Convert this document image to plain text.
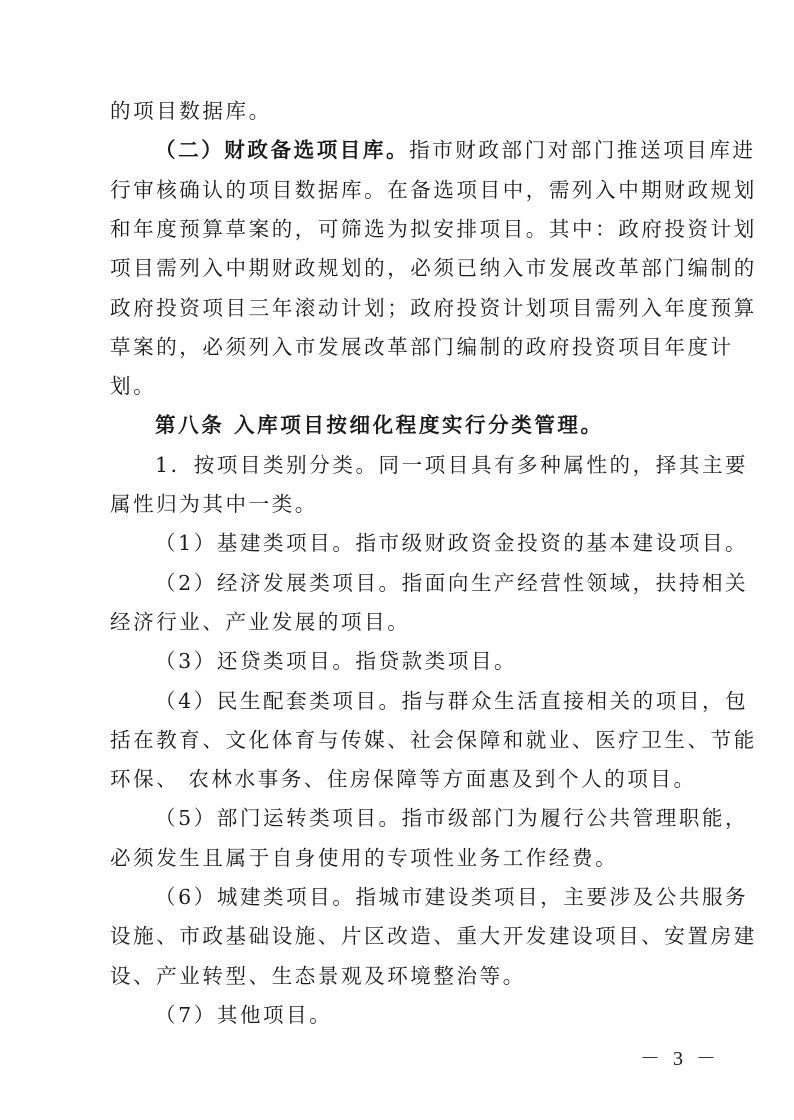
的项目数据库。
（二）财政备选项目库。指市财政部门对部门推送项目库进
行审核确认的项目数据库。在备选项目中，需列入中期财政规划
和年度预算草案的，可筛选为拟安排项目。其中：政府投资计划
项目需列入中期财政规划的，必须已纳入市发展改革部门编制的
政府投资项目三年滚动计划；政府投资计划项目需列入年度预算
草案的，必须列入市发展改革部门编制的政府投资项目年度计
划。
第八条 入库项目按细化程度实行分类管理。
1．按项目类别分类。同一项目具有多种属性的，择其主要
属性归为其中一类。
（1）基建类项目。指市级财政资金投资的基本建设项目。
（2）经济发展类项目。指面向生产经营性领域，扶持相关
经济行业、产业发展的项目。
（3）还贷类项目。指贷款类项目。
（4）民生配套类项目。指与群众生活直接相关的项目，包
括在教育、文化体育与传媒、社会保障和就业、医疗卫生、节能
环保、 农林水事务、住房保障等方面惠及到个人的项目。
（5）部门运转类项目。指市级部门为履行公共管理职能，
必须发生且属于自身使用的专项性业务工作经费。
（6）城建类项目。指城市建设类项目，主要涉及公共服务
设施、市政基础设施、片区改造、重大开发建设项目、安置房建
设、产业转型、生态景观及环境整治等。
（7）其他项目。
－ 3 －
